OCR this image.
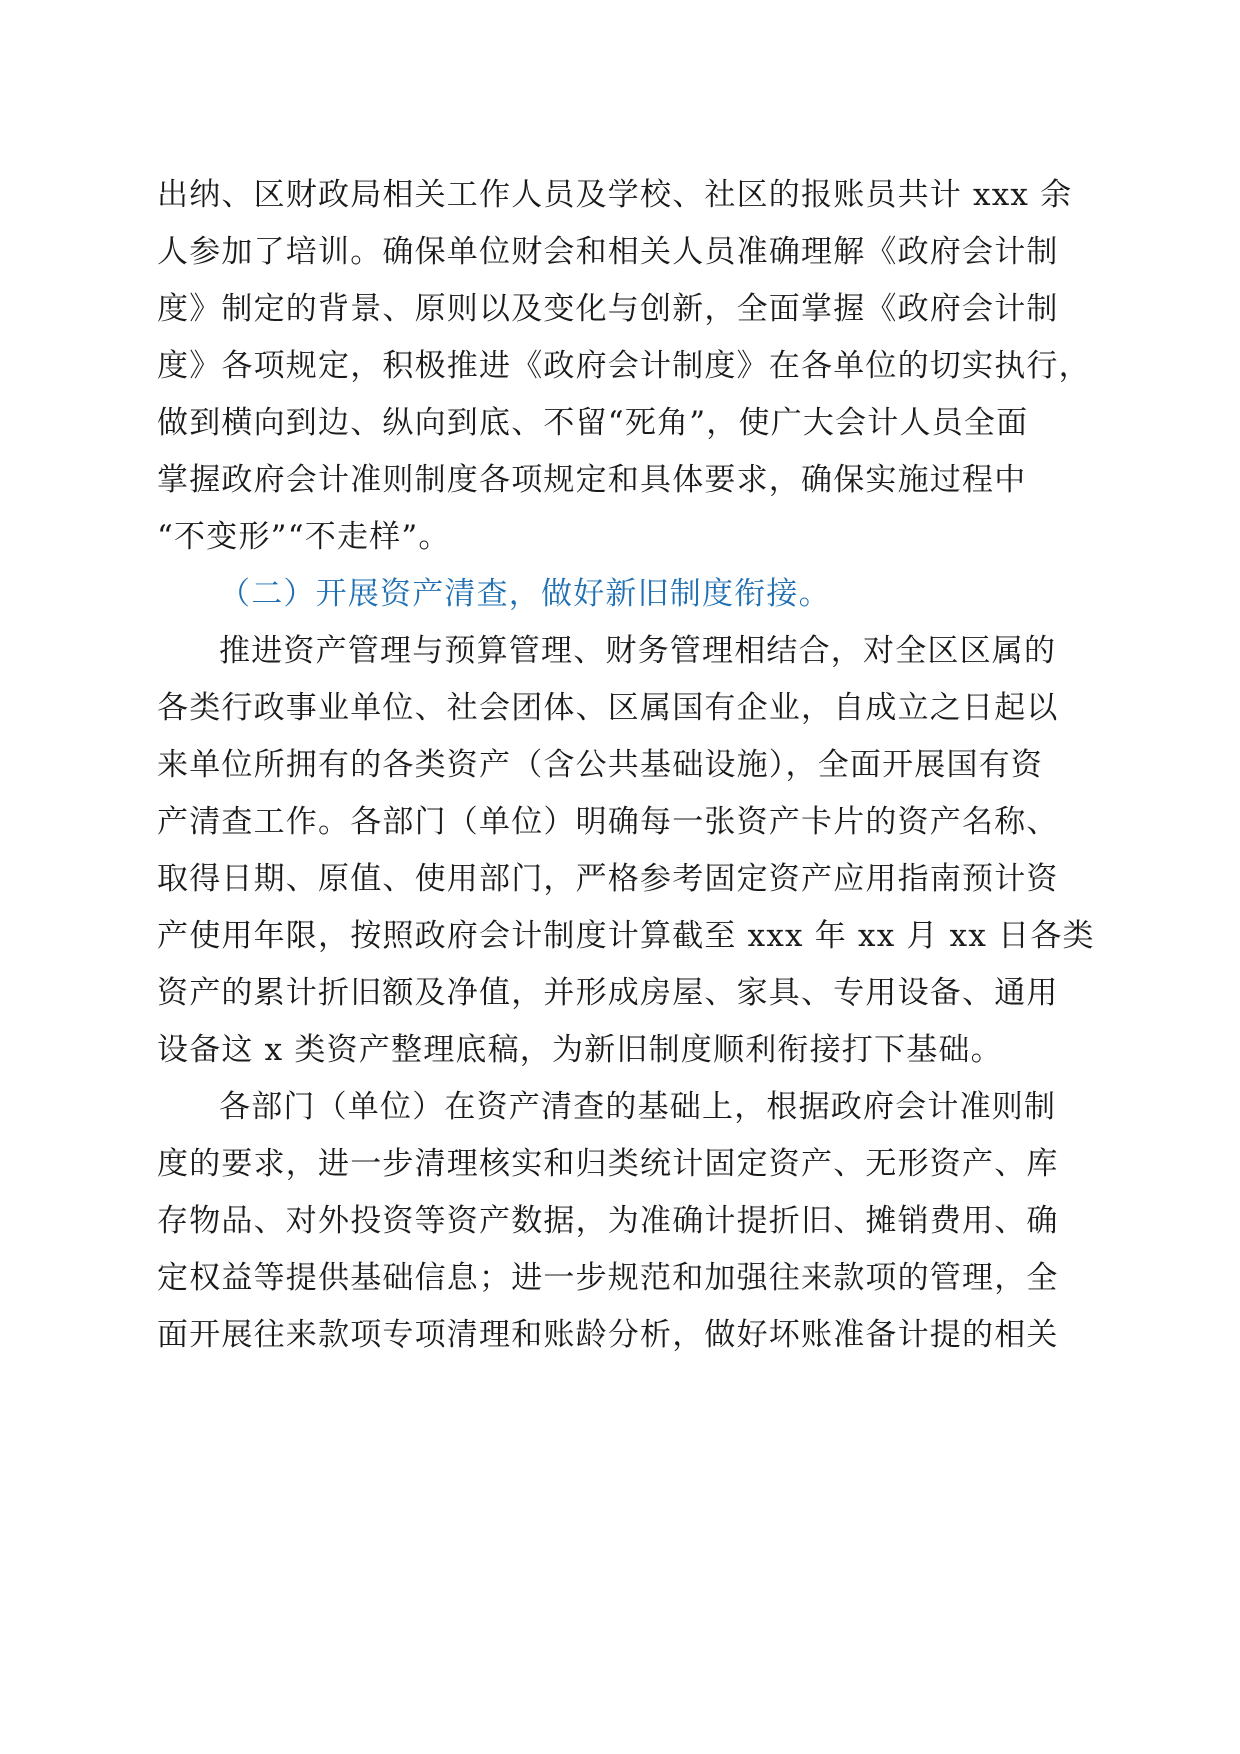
出纳、区财政局相关工作人员及学校、社区的报账员共计 xxx 余
人参加了培训。确保单位财会和相关人员准确理解《政府会计制
度》制定的背景、原则以及变化与创新，全面掌握《政府会计制
度》各项规定，积极推进《政府会计制度》在各单位的切实执行，
做到横向到边、纵向到底、不留“死角”，使广大会计人员全面
掌握政府会计准则制度各项规定和具体要求，确保实施过程中
“不变形”“不走样”。
（二）开展资产清查，做好新旧制度衔接。
推进资产管理与预算管理、财务管理相结合，对全区区属的
各类行政事业单位、社会团体、区属国有企业，自成立之日起以
来单位所拥有的各类资产（含公共基础设施），全面开展国有资
产清查工作。各部门（单位）明确每一张资产卡片的资产名称、
取得日期、原值、使用部门，严格参考固定资产应用指南预计资
产使用年限，按照政府会计制度计算截至 xxx 年 xx 月 xx 日各类
资产的累计折旧额及净值，并形成房屋、家具、专用设备、通用
设备这 x 类资产整理底稿，为新旧制度顺利衔接打下基础。
各部门（单位）在资产清查的基础上，根据政府会计准则制
度的要求，进一步清理核实和归类统计固定资产、无形资产、库
存物品、对外投资等资产数据，为准确计提折旧、摊销费用、确
定权益等提供基础信息；进一步规范和加强往来款项的管理，全
面开展往来款项专项清理和账龄分析，做好坏账准备计提的相关
